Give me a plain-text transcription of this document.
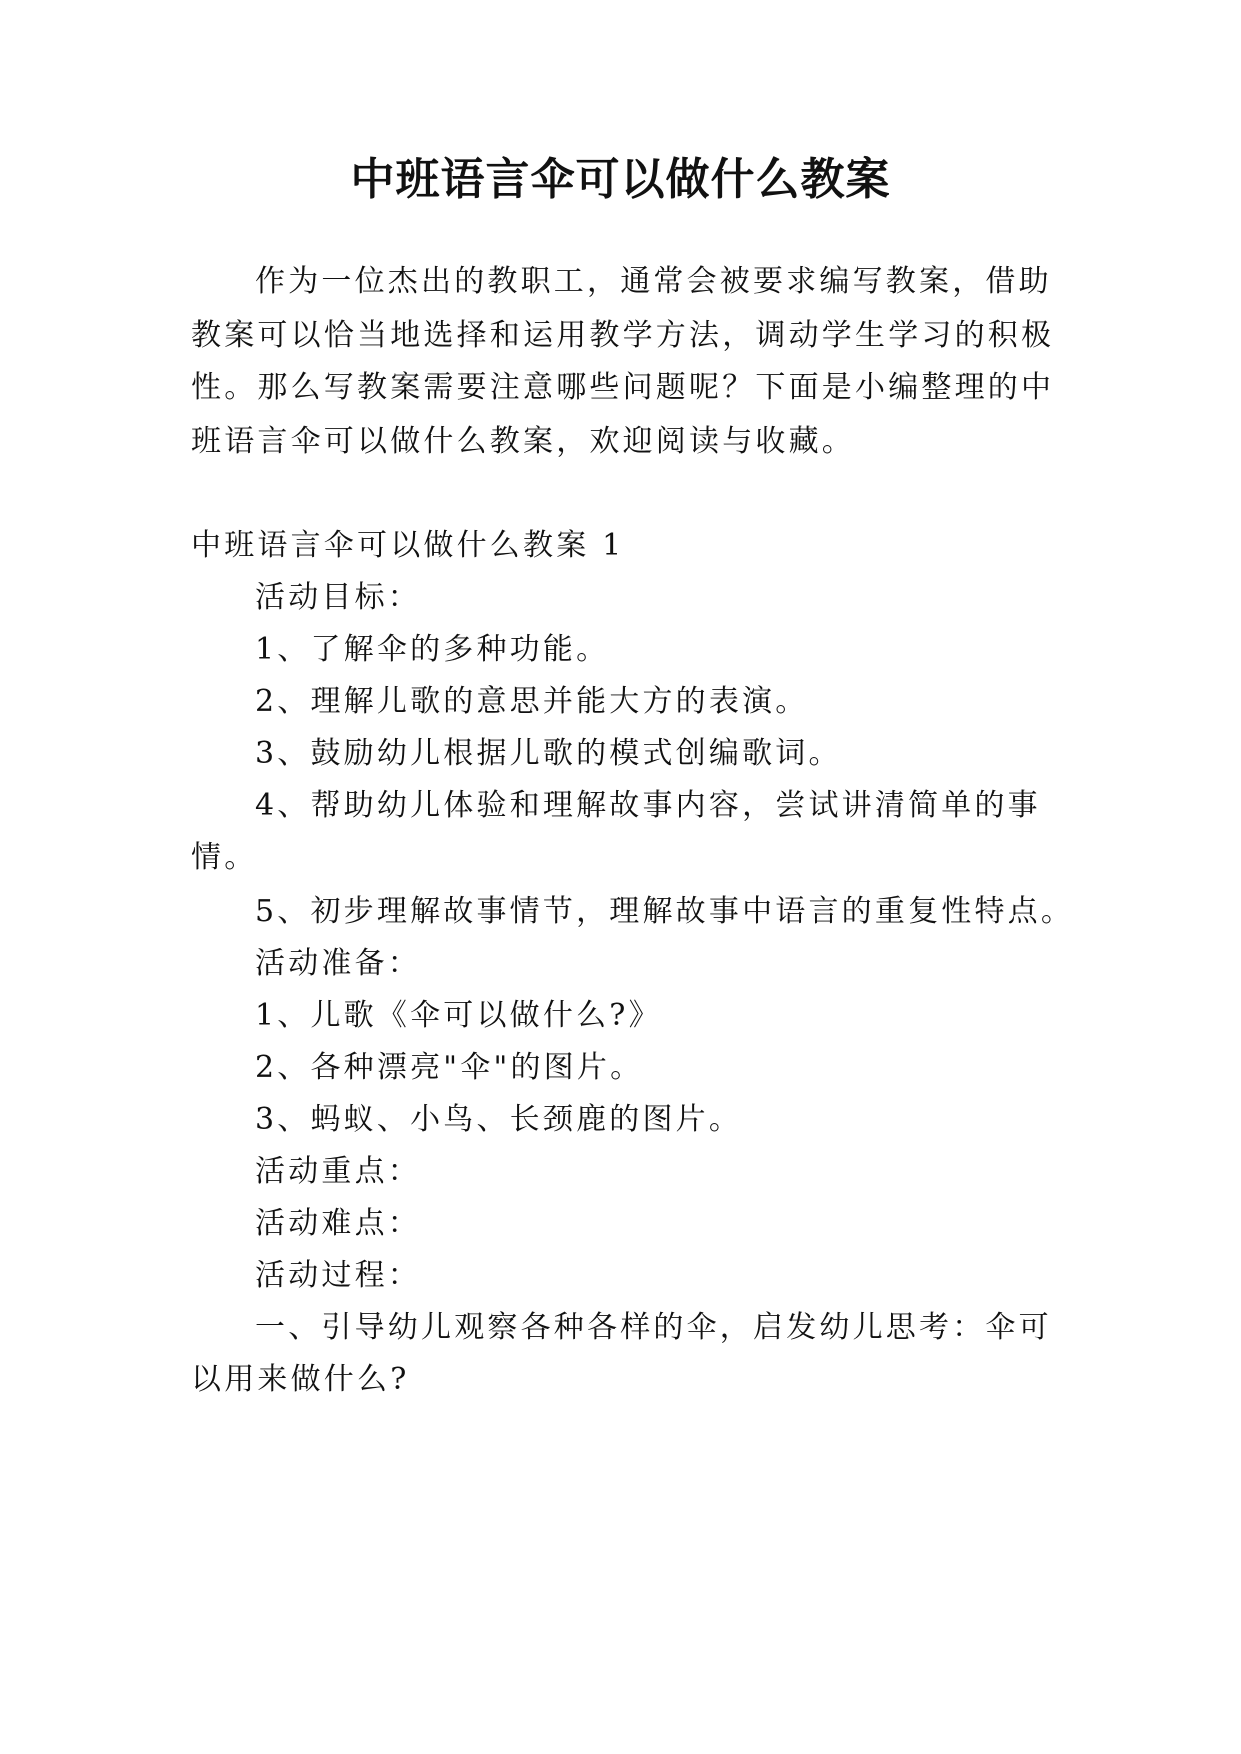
中班语言伞可以做什么教案
作为一位杰出的教职工，通常会被要求编写教案，借助
教案可以恰当地选择和运用教学方法，调动学生学习的积极
性。那么写教案需要注意哪些问题呢？下面是小编整理的中
班语言伞可以做什么教案，欢迎阅读与收藏。
中班语言伞可以做什么教案 1
活动目标：
1、了解伞的多种功能。
2、理解儿歌的意思并能大方的表演。
3、鼓励幼儿根据儿歌的模式创编歌词。
4、帮助幼儿体验和理解故事内容，尝试讲清简单的事
情。
5、初步理解故事情节，理解故事中语言的重复性特点。
活动准备：
1、儿歌《伞可以做什么?》
2、各种漂亮"伞"的图片。
3、蚂蚁、小鸟、长颈鹿的图片。
活动重点：
活动难点：
活动过程：
一、引导幼儿观察各种各样的伞，启发幼儿思考：伞可
以用来做什么?
